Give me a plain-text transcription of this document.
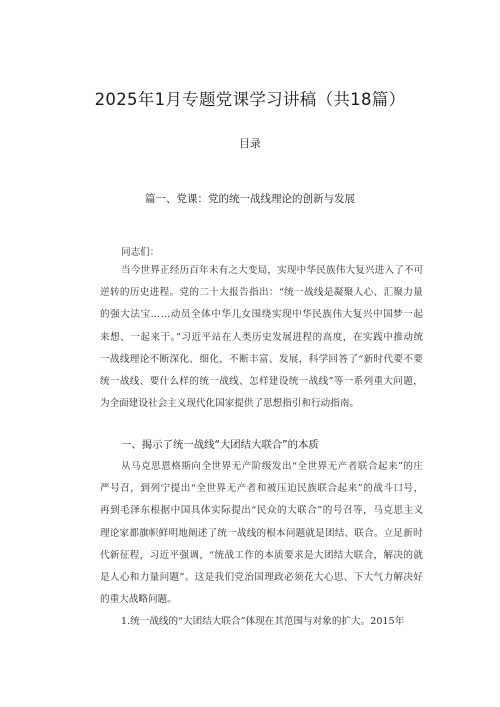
2025年1月专题党课学习讲稿（共18篇）
目录
篇一、党课：党的统一战线理论的创新与发展
同志们：
当今世界正经历百年未有之大变局，实现中华民族伟大复兴进入了不可
逆转的历史进程。党的二十大报告指出：“统一战线是凝聚人心、汇聚力量
的强大法宝……动员全体中华儿女围绕实现中华民族伟大复兴中国梦一起
来想、一起来干。”习近平站在人类历史发展进程的高度，在实践中推动统
一战线理论不断深化、细化，不断丰富、发展，科学回答了“新时代要不要
统一战线、要什么样的统一战线、怎样建设统一战线”等一系列重大问题，
为全面建设社会主义现代化国家提供了思想指引和行动指南。
一、揭示了统一战线“大团结大联合”的本质
从马克思恩格斯向全世界无产阶级发出“全世界无产者联合起来”的庄
严号召，到列宁提出“全世界无产者和被压迫民族联合起来”的战斗口号，
再到毛泽东根据中国具体实际提出“民众的大联合”的号召等，马克思主义
理论家都旗帜鲜明地阐述了统一战线的根本问题就是团结、联合。立足新时
代新征程，习近平强调，“统战工作的本质要求是大团结大联合，解决的就
是人心和力量问题”。这是我们党治国理政必须花大心思、下大气力解决好
的重大战略问题。
1.统一战线的“大团结大联合”体现在其范围与对象的扩大。2015年
